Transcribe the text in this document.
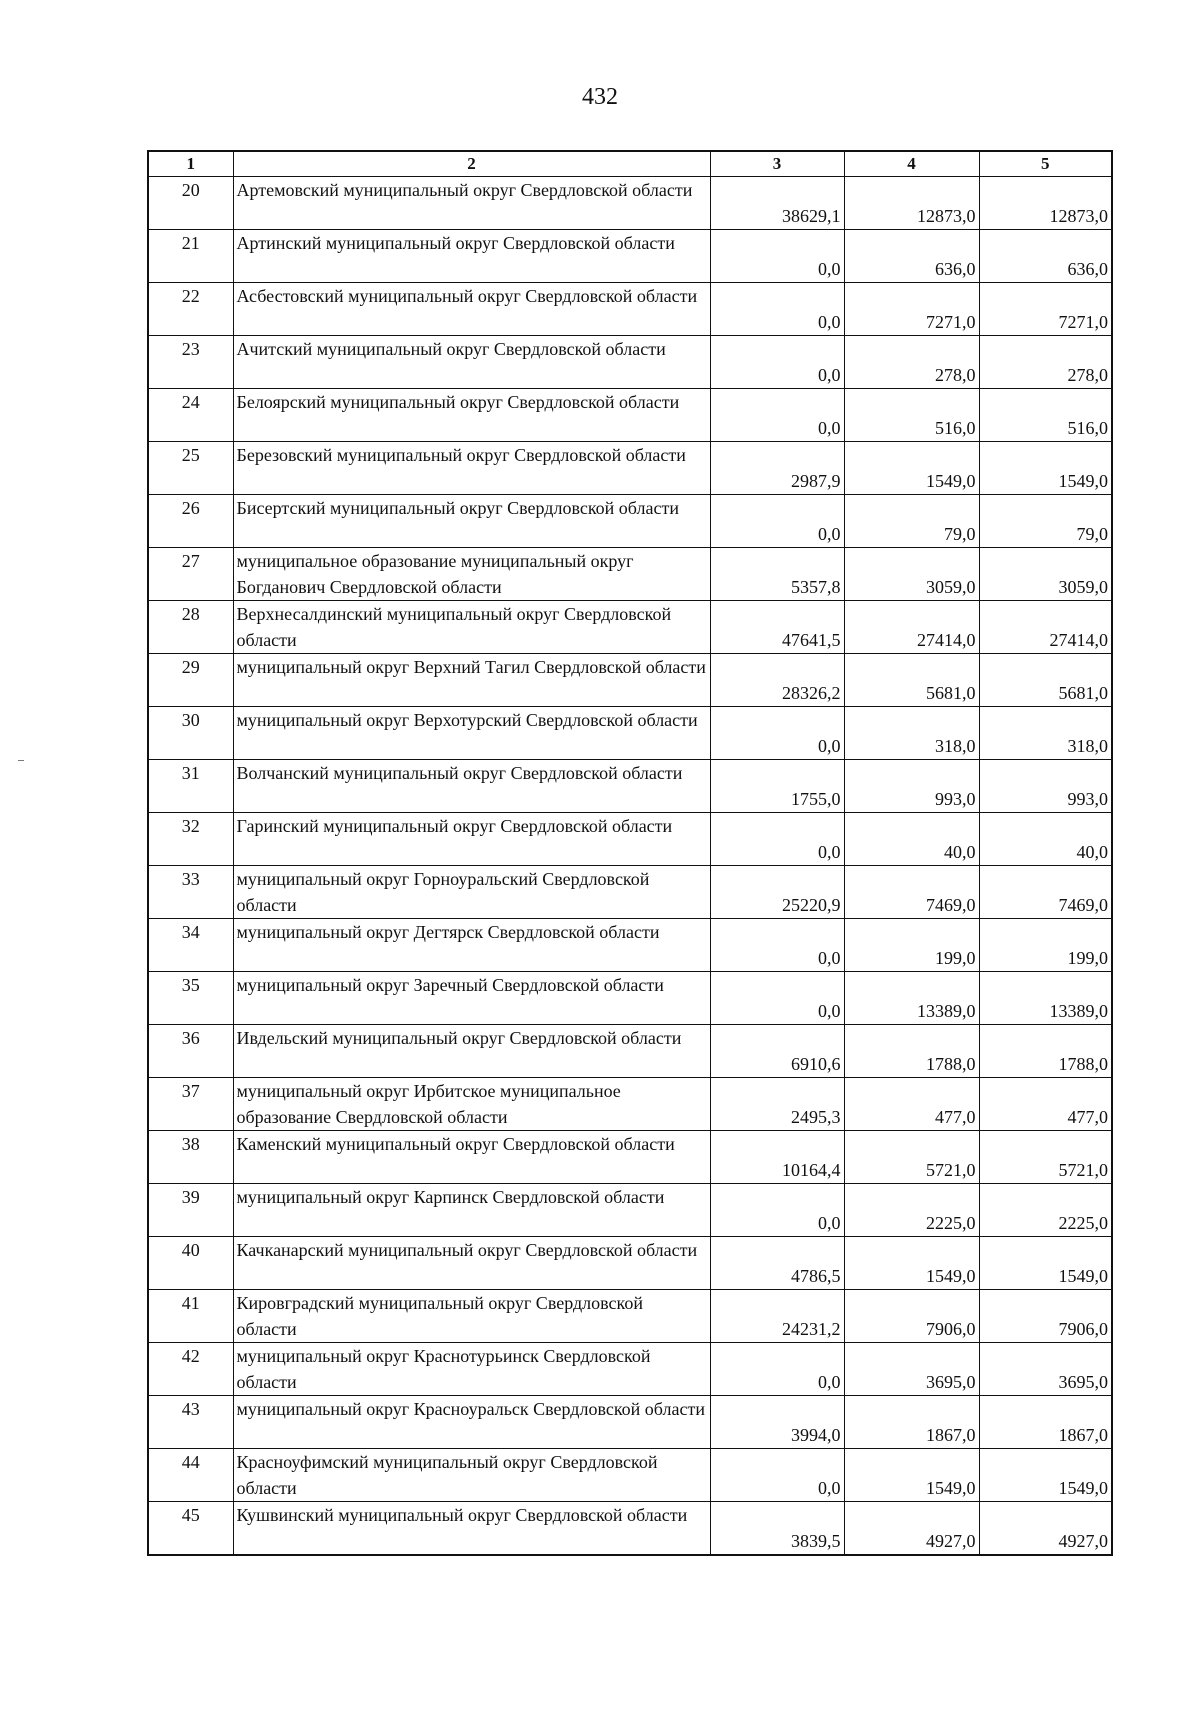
432
1	2	3	4	5
20	Артемовский муниципальный округ Свердловской области	38629,1	12873,0	12873,0
21	Артинский муниципальный округ Свердловской области	0,0	636,0	636,0
22	Асбестовский муниципальный округ Свердловской области	0,0	7271,0	7271,0
23	Ачитский муниципальный округ Свердловской области	0,0	278,0	278,0
24	Белоярский муниципальный округ Свердловской области	0,0	516,0	516,0
25	Березовский муниципальный округ Свердловской области	2987,9	1549,0	1549,0
26	Бисертский муниципальный округ Свердловской области	0,0	79,0	79,0
27	муниципальное образование муниципальный округ Богданович Свердловской области	5357,8	3059,0	3059,0
28	Верхнесалдинский муниципальный округ Свердловской области	47641,5	27414,0	27414,0
29	муниципальный округ Верхний Тагил Свердловской области	28326,2	5681,0	5681,0
30	муниципальный округ Верхотурский Свердловской области	0,0	318,0	318,0
31	Волчанский муниципальный округ Свердловской области	1755,0	993,0	993,0
32	Гаринский муниципальный округ Свердловской области	0,0	40,0	40,0
33	муниципальный округ Горноуральский Свердловской области	25220,9	7469,0	7469,0
34	муниципальный округ Дегтярск Свердловской области	0,0	199,0	199,0
35	муниципальный округ Заречный Свердловской области	0,0	13389,0	13389,0
36	Ивдельский муниципальный округ Свердловской области	6910,6	1788,0	1788,0
37	муниципальный округ Ирбитское муниципальное образование Свердловской области	2495,3	477,0	477,0
38	Каменский муниципальный округ Свердловской области	10164,4	5721,0	5721,0
39	муниципальный округ Карпинск Свердловской области	0,0	2225,0	2225,0
40	Качканарский муниципальный округ Свердловской области	4786,5	1549,0	1549,0
41	Кировградский муниципальный округ Свердловской области	24231,2	7906,0	7906,0
42	муниципальный округ Краснотурьинск Свердловской области	0,0	3695,0	3695,0
43	муниципальный округ Красноуральск Свердловской области	3994,0	1867,0	1867,0
44	Красноуфимский муниципальный округ Свердловской области	0,0	1549,0	1549,0
45	Кушвинский муниципальный округ Свердловской области	3839,5	4927,0	4927,0
